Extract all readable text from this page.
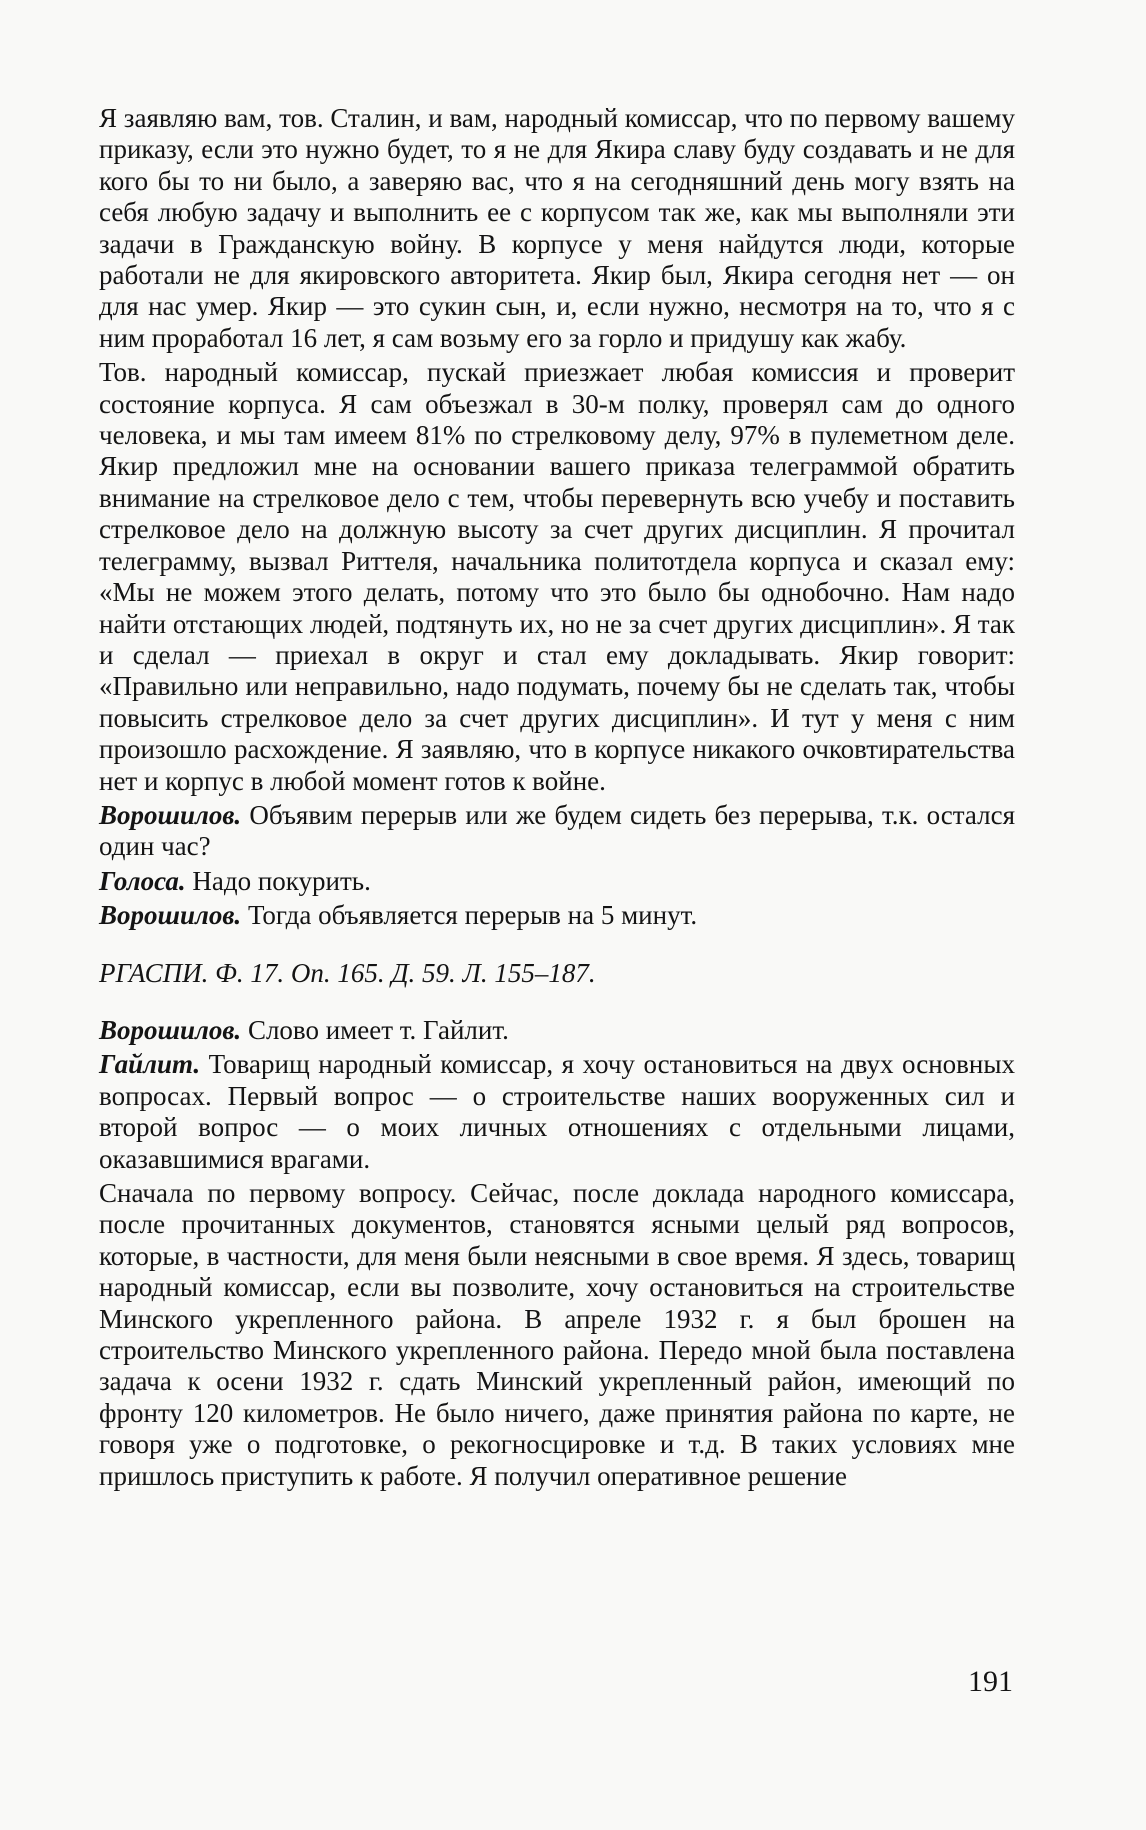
Я заявляю вам, тов. Сталин, и вам, народный комиссар, что по первому вашему приказу, если это нужно будет, то я не для Якира славу буду создавать и не для кого бы то ни было, а заверяю вас, что я на сегодняшний день могу взять на себя любую задачу и выполнить ее с корпусом так же, как мы выполняли эти задачи в Гражданскую войну. В корпусе у меня найдутся люди, которые работали не для якировского авторитета. Якир был, Якира сегодня нет — он для нас умер. Якир — это сукин сын, и, если нужно, несмотря на то, что я с ним проработал 16 лет, я сам возьму его за горло и придушу как жабу.

Тов. народный комиссар, пускай приезжает любая комиссия и проверит состояние корпуса. Я сам объезжал в 30-м полку, проверял сам до одного человека, и мы там имеем 81% по стрелковому делу, 97% в пулеметном деле. Якир предложил мне на основании вашего приказа телеграммой обратить внимание на стрелковое дело с тем, чтобы перевернуть всю учебу и поставить стрелковое дело на должную высоту за счет других дисциплин. Я прочитал телеграмму, вызвал Риттеля, начальника политотдела корпуса и сказал ему: «Мы не можем этого делать, потому что это было бы однобочно. Нам надо найти отстающих людей, подтянуть их, но не за счет других дисциплин». Я так и сделал — приехал в округ и стал ему докладывать. Якир говорит: «Правильно или неправильно, надо подумать, почему бы не сделать так, чтобы повысить стрелковое дело за счет других дисциплин». И тут у меня с ним произошло расхождение. Я заявляю, что в корпусе никакого очковтирательства нет и корпус в любой момент готов к войне.

Ворошилов. Объявим перерыв или же будем сидеть без перерыва, т.к. остался один час?

Голоса. Надо покурить.

Ворошилов. Тогда объявляется перерыв на 5 минут.

РГАСПИ. Ф. 17. Оп. 165. Д. 59. Л. 155–187.

Ворошилов. Слово имеет т. Гайлит.

Гайлит. Товарищ народный комиссар, я хочу остановиться на двух основных вопросах. Первый вопрос — о строительстве наших вооруженных сил и второй вопрос — о моих личных отношениях с отдельными лицами, оказавшимися врагами.

Сначала по первому вопросу. Сейчас, после доклада народного комиссара, после прочитанных документов, становятся ясными целый ряд вопросов, которые, в частности, для меня были неясными в свое время. Я здесь, товарищ народный комиссар, если вы позволите, хочу остановиться на строительстве Минского укрепленного района. В апреле 1932 г. я был брошен на строительство Минского укрепленного района. Передо мной была поставлена задача к осени 1932 г. сдать Минский укрепленный район, имеющий по фронту 120 километров. Не было ничего, даже принятия района по карте, не говоря уже о подготовке, о рекогносцировке и т.д. В таких условиях мне пришлось приступить к работе. Я получил оперативное решение

191
